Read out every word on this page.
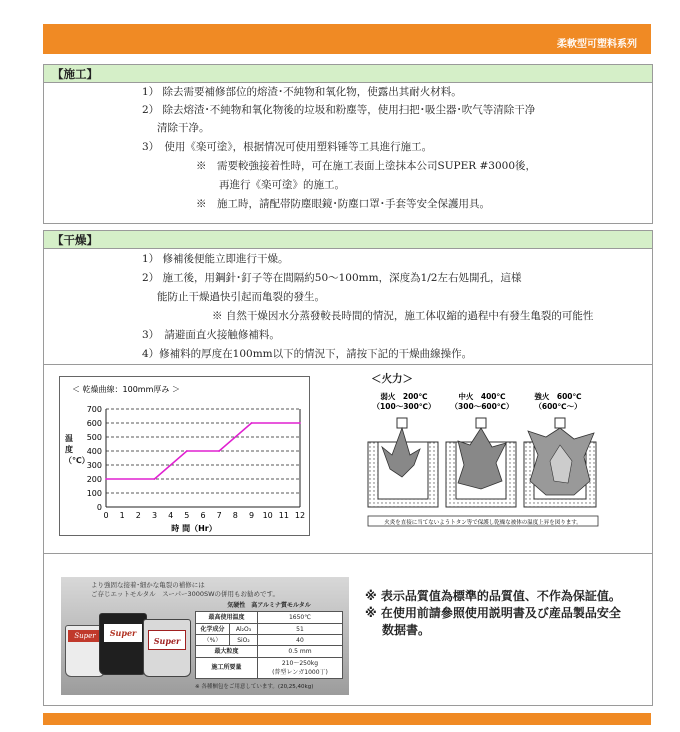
柔軟型可塑料系列
【施工】
1） 除去需要補修部位的熔渣･不純物和氧化物，使露出其耐火材料。
2） 除去熔渣･不純物和氧化物後的垃圾和粉塵等，使用扫把･吸尘器･吹气等清除干净
清除干净。
3）　使用《楽可塗》，根据情况可使用塑料锤等工具進行施工。
※　需要較強接着性時，可在施工表面上塗抹本公司SUPER #3000後，
再進行《楽可塗》的施工。
※　施工時，請配帯防塵眼鏡･防塵口罩･手套等安全保護用具。
【干燥】
1） 修補後便能立即進行干燥。
2） 施工後，用鋼針･釘子等在間隔約50～100mm，深度為1/2左右処開孔，這様
能防止干燥過快引起而亀裂的發生。
※ 自然干燥因水分蒸發較長時間的情況，施工体収縮的過程中有發生亀裂的可能性
3）　請避面直火接触修補料。
4）修補料的厚度在100mm以下的情況下，請按下記的干燥曲線操作。
＜ 乾燥曲線：100mm厚み ＞
0
100
200
300
400
500
600
700
0 1 2 3 4 5 6 7 8 9 10 11 12
時 間（Hr）
温 度（℃）
＜火力＞
弱火　200℃
（100～300℃）
中火　400℃
（300～600℃）
強火　600℃
（600℃～）
火炎を直接に当てないようトタン等で保護し乾燥な被体の温度上昇を図ります。
より強固な接着･細かな亀裂の補修には
ご存じエットモルタル　スーパー3000SWの併用もお勧めです。
Super	Super
Super
気硬性　高アルミナ質モルタル
最高使用温度	1650℃
化学成分	Al₂O₃	51
（%）	SiO₂	40
最大粒度	0.5 mm
施工所要量
210～250kg
(普型レンガ1000丁)
※ 各種梱包をご用意しています。(20,25,40kg)
※ 表示品質值為標準的品質值、不作為保証值。
※ 在使用前請參照使用説明書及び産品製品安全
数据書。
